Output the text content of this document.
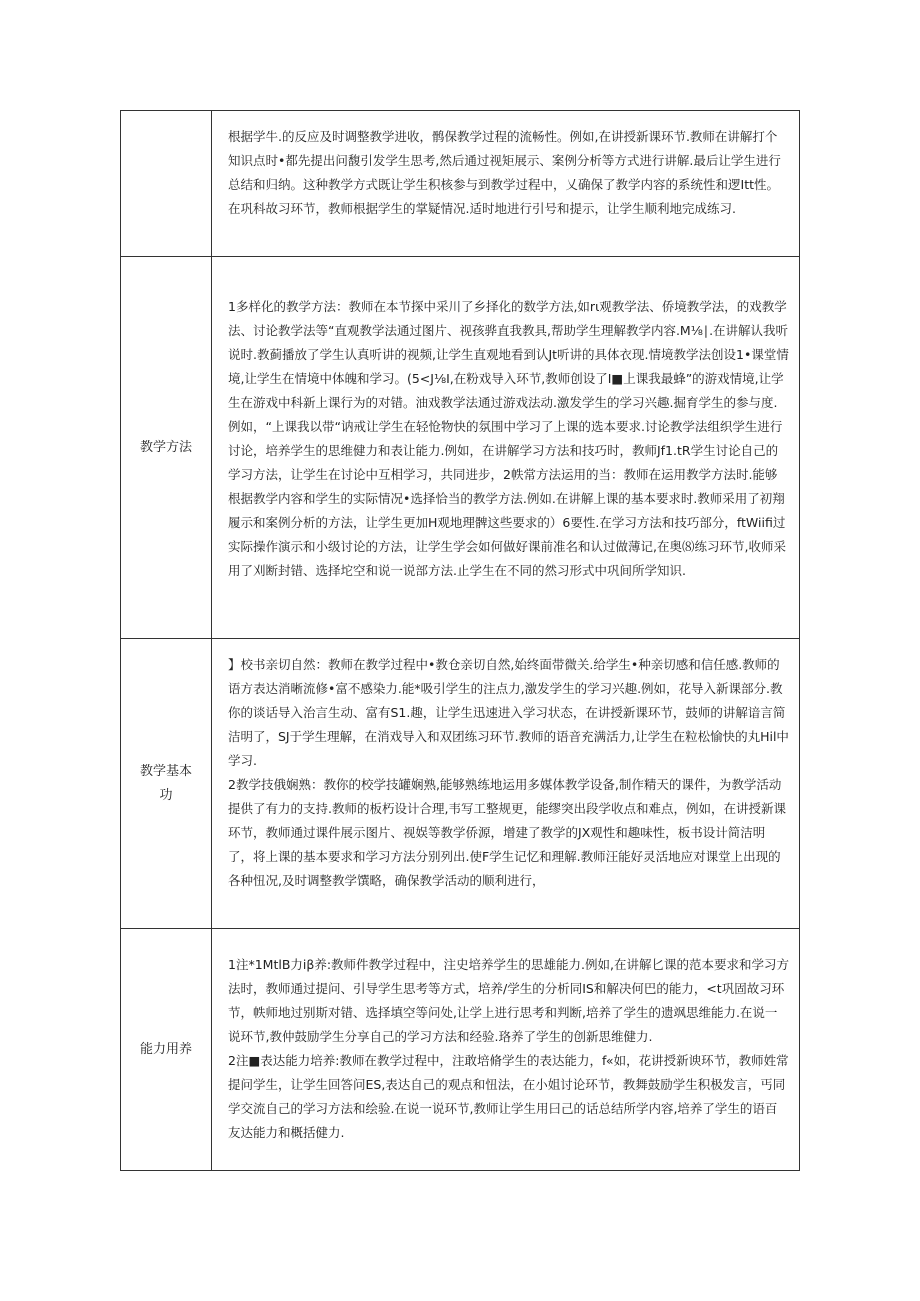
	根据学牛.的反应及时调整教学进收，鹘保教学过程的流畅性。例如,在讲授新课环节.教师在讲解打个知识点时•都先提出问馥引发学生思考,然后通过视矩展示、案例分析等方式进行讲解.最后让学生进行总结和归纳。这种教学方式既让学生积核参与到教学过程中，乂确保了教学内容的系统性和逻Itt性。在巩科故习环节，教师根据学生的掌疑情况.适时地进行引号和提示，让学生顺利地完成练习.

教学方法	1多样化的教学方法：教师在本节探中采川了乡择化的数学方法,如rι观教学法、侨境教学法，的戏教学法、讨论教学法等“直观教学法通过图片、视孩骅直我教具,帮助学生理解教学内容.M⅛∣.在讲解认我听说时.教蓟播放了学生认真听讲的视频,让学生直观地看到认Jt听讲的具体衣现.情境教学法创设1•课堂情境,让学生在情境中体魄和学习。(5<J⅛I,在粉戏导入环节,教师创设了I■上课我最蜂”的游戏情境,让学生在游戏中科新上课行为的对错。油戏教学法通过游戏法动.激发学生的学习兴趣.掘育学生的参与度.例如，“上课我以带“讷戒让学生在轻怆物快的氛围中学习了上课的选本要求.讨论教学法组织学生进行讨论，培养学生的思维健力和表让能力.例如，在讲解学习方法和技巧时，教师Jf1.tR学生讨论自己的学习方法，让学生在讨论中互相学习，共同进步，2帙常方法运用的当：教师在运用教学方法时.能够根据教学内容和学生的实际情况•选择恰当的教学方法.例如.在讲解上课的基本要求时.教师采用了初翔履示和案例分析的方法，让学生更加H观地理髀这些要求的）6要性.在学习方法和技巧部分，ftWiifi过实际操作演示和小级讨论的方法，让学生学会如何做好课前准名和认过做薄记,在奥⑻练习环节,收师采用了刈断封错、选择坨空和说一说部方法.止学生在不同的然习形式中巩间所学知识.

教学基本功	】校书亲切自然：教师在教学过程中•教仓亲切自然,始终面带微关.给学生•种亲切感和信任感.教师的语方表达消晰流修•富不感染力.能*吸引学生的注点力,激发学生的学习兴趣.例如，花导入新课部分.教你的谈话导入治言生动、富有S1.趣，让学生迅速进入学习状态，在讲授新课环节，鼓师的讲解谙言简洁明了，SJ于学生理解，在消戏导入和双团练习环节.教师的语音充满活力,让学生在粒松愉快的丸Hil中学习.

2教学技俄娴熟：教你的校学技罐娴熟,能够熟练地运用多媒体教学设备,制作精天的课件，为教学活动提供了有力的支持.教师的板朽设计合理,韦写工整规更，能缪突出段学收点和难点，例如，在讲授新课环节，教师通过课件展示图片、视娱等教学侨源，增建了教学的JX观性和趣味性，板书设计简洁明了，将上课的基本要求和学习方法分别列出.使F学生记忆和理解.教师汪能好灵活地应对课堂上出现的各种忸况,及时调整教学馔略，确保教学活动的顺利进行，

能力用养	1注*1MtlB力iβ养:教师件教学过程中，注史培养学生的思雄能力.例如,在讲解匕课的范本要求和学习方法时，教师通过提问、引导学生思考等方式，培养/学生的分析同IS和解决何巴的能力，<t巩固故习环节，帙师地过别斯对错、选择填空等问处,让学上进行思考和判断,培养了学生的遗飒思维能力.在说一说环节,教仲鼓励学生分享自己的学习方法和经验.珞养了学生的创新思维健力.

2注■表达能力培养:教师在教学过程中，注敢培脩学生的表达能力，f«如，花讲授新谀环节，教师姓常提问学生，让学生回答问ES,表达自己的观点和忸法，在小姐讨论环节，教舞鼓励学生积极发言，丐同学交流自己的学习方法和绘验.在说一说环节,教师让学生用曰己的话总结所学内容,培养了学生的语百友达能力和概括健力.
